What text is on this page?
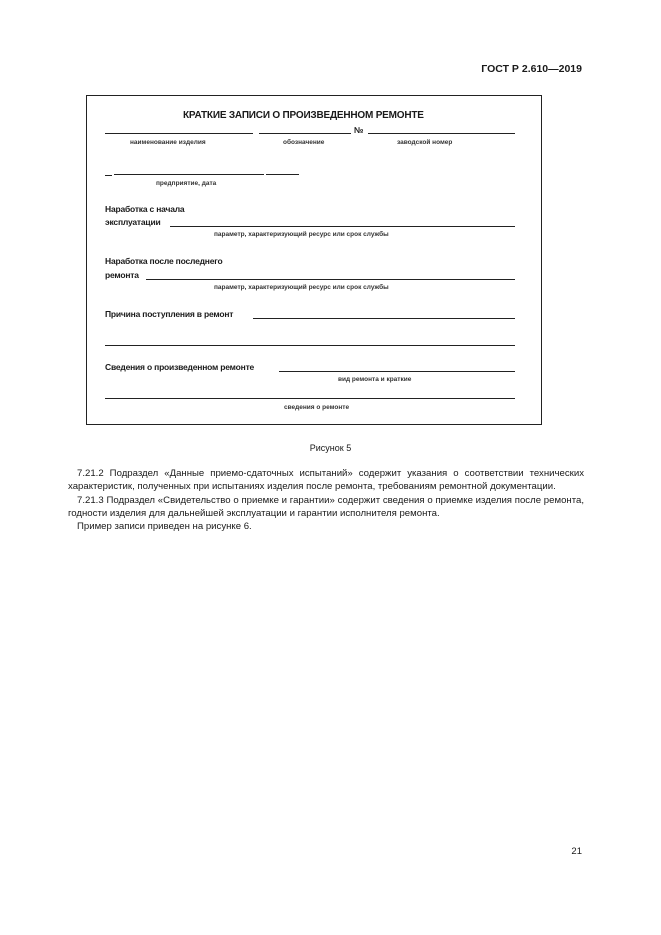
ГОСТ Р 2.610—2019
КРАТКИЕ ЗАПИСИ О ПРОИЗВЕДЕННОМ РЕМОНТЕ
№
наименование изделия	обозначение	заводской номер
предприятие, дата
Наработка с начала
эксплуатации
параметр, характеризующий ресурс или срок службы
Наработка после последнего
ремонта
параметр, характеризующий ресурс или срок службы
Причина поступления в ремонт
Сведения о произведенном ремонте
вид ремонта и краткие
сведения о ремонте
Рисунок 5

7.21.2 Подраздел «Данные приемо-сдаточных испытаний» содержит указания о соответствии технических характеристик, полученных при испытаниях изделия после ремонта, требованиям ремонтной документации.

7.21.3 Подраздел «Свидетельство о приемке и гарантии» содержит сведения о приемке изделия после ремонта, годности изделия для дальнейшей эксплуатации и гарантии исполнителя ремонта.

Пример записи приведен на рисунке 6.

21
